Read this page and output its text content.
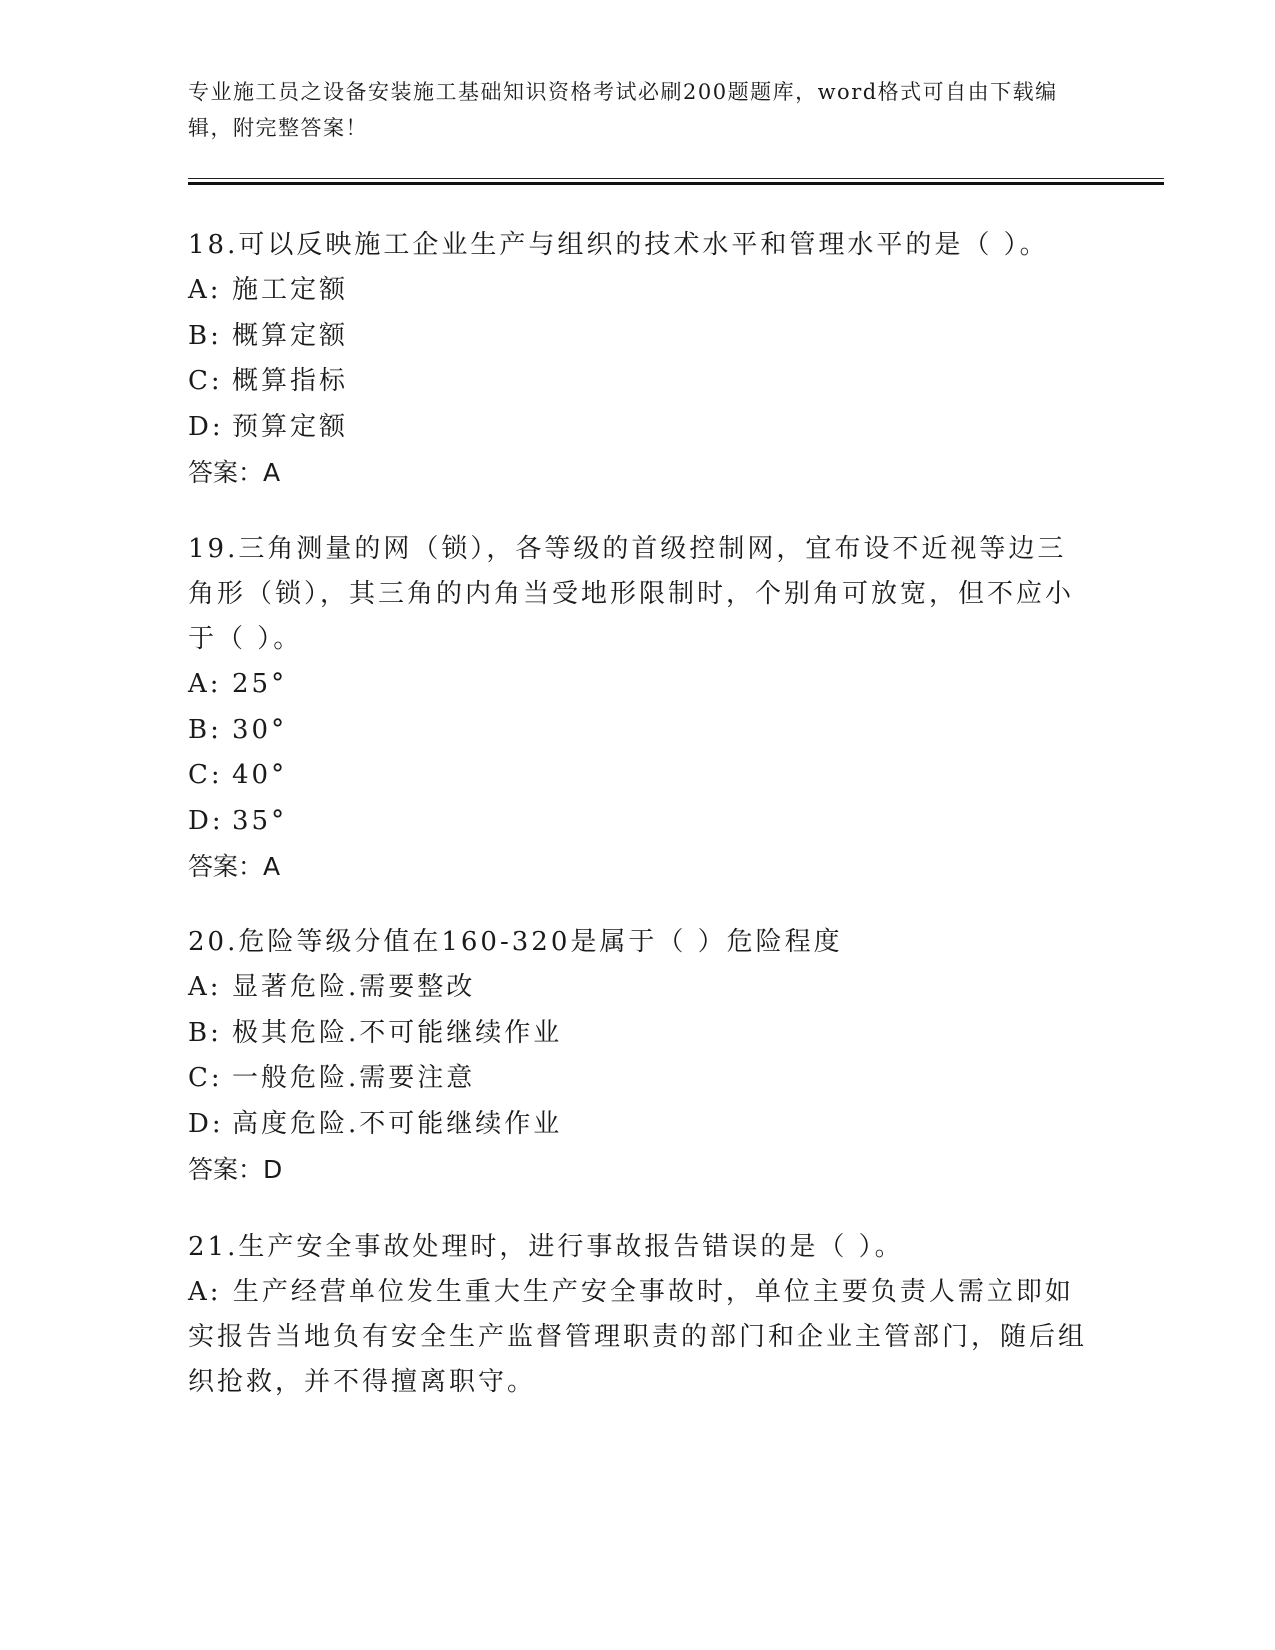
专业施工员之设备安装施工基础知识资格考试必刷200题题库，word格式可自由下载编辑，附完整答案！

18.可以反映施工企业生产与组织的技术水平和管理水平的是（ ）。

A: 施工定额

B: 概算定额

C: 概算指标

D: 预算定额

答案：A

19.三角测量的网（锁），各等级的首级控制网，宜布设不近视等边三角形（锁），其三角的内角当受地形限制时，个别角可放宽，但不应小于（ ）。

A: 25°

B: 30°

C: 40°

D: 35°

答案：A

20.危险等级分值在160-320是属于（ ）危险程度

A: 显著危险.需要整改

B: 极其危险.不可能继续作业

C: 一般危险.需要注意

D: 高度危险.不可能继续作业

答案：D

21.生产安全事故处理时，进行事故报告错误的是（ ）。

A: 生产经营单位发生重大生产安全事故时，单位主要负责人需立即如实报告当地负有安全生产监督管理职责的部门和企业主管部门，随后组织抢救，并不得擅离职守。
